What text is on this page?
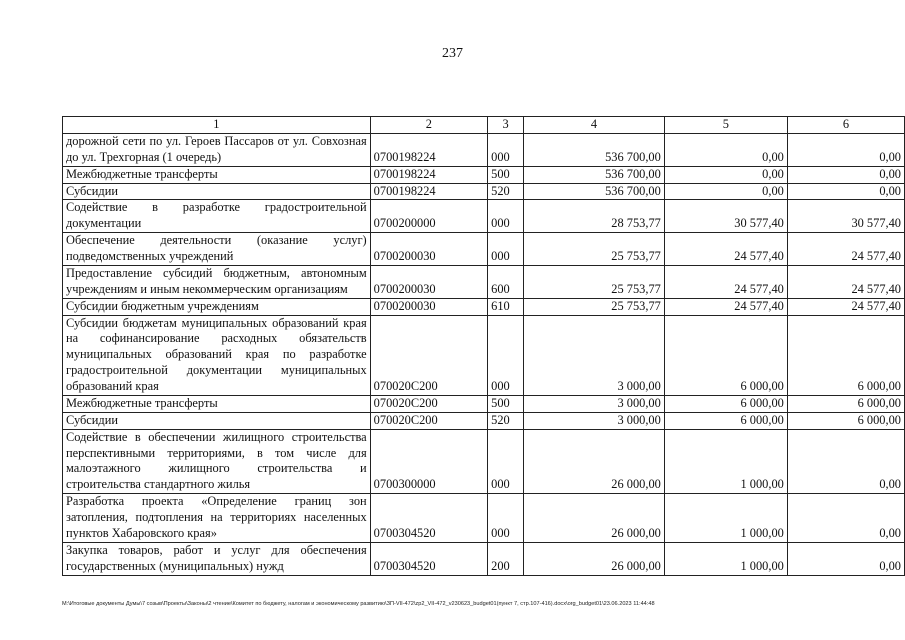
237
1	2	3	4	5	6
дорожной сети по ул. Героев Пассаров от ул. Совхозная до ул. Трехгорная (1 очередь)	0700198224	000	536 700,00	0,00	0,00
Межбюджетные трансферты	0700198224	500	536 700,00	0,00	0,00
Субсидии	0700198224	520	536 700,00	0,00	0,00
Содействие в разработке градостроительной документации	0700200000	000	28 753,77	30 577,40	30 577,40
Обеспечение деятельности (оказание услуг) подведомственных учреждений	0700200030	000	25 753,77	24 577,40	24 577,40
Предоставление субсидий бюджетным, автономным учреждениям и иным некоммерческим организациям	0700200030	600	25 753,77	24 577,40	24 577,40
Субсидии бюджетным учреждениям	0700200030	610	25 753,77	24 577,40	24 577,40
Субсидии бюджетам муниципальных образований края на софинансирование расходных обязательств муниципальных образований края по разработке градостроительной документации муниципальных образований края	070020С200	000	3 000,00	6 000,00	6 000,00
Межбюджетные трансферты	070020С200	500	3 000,00	6 000,00	6 000,00
Субсидии	070020С200	520	3 000,00	6 000,00	6 000,00
Содействие в обеспечении жилищного строительства перспективными территориями, в том числе для малоэтажного жилищного строительства и строительства стандартного жилья	0700300000	000	26 000,00	1 000,00	0,00
Разработка проекта «Определение границ зон затопления, подтопления на территориях населенных пунктов Хабаровского края»	0700304520	000	26 000,00	1 000,00	0,00
Закупка товаров, работ и услуг для обеспечения государственных (муниципальных) нужд	0700304520	200	26 000,00	1 000,00	0,00
M:\Итоговые документы Думы\7 созыв\Проекты\Законы\2 чтение\Комитет по бюджету, налогам и экономическому развитию\ЗП-VII-472\zp2_VII-472_v230623_budget01(пункт 7, стр.107-416).docx\org_budget01\23.06.2023 11:44:48
